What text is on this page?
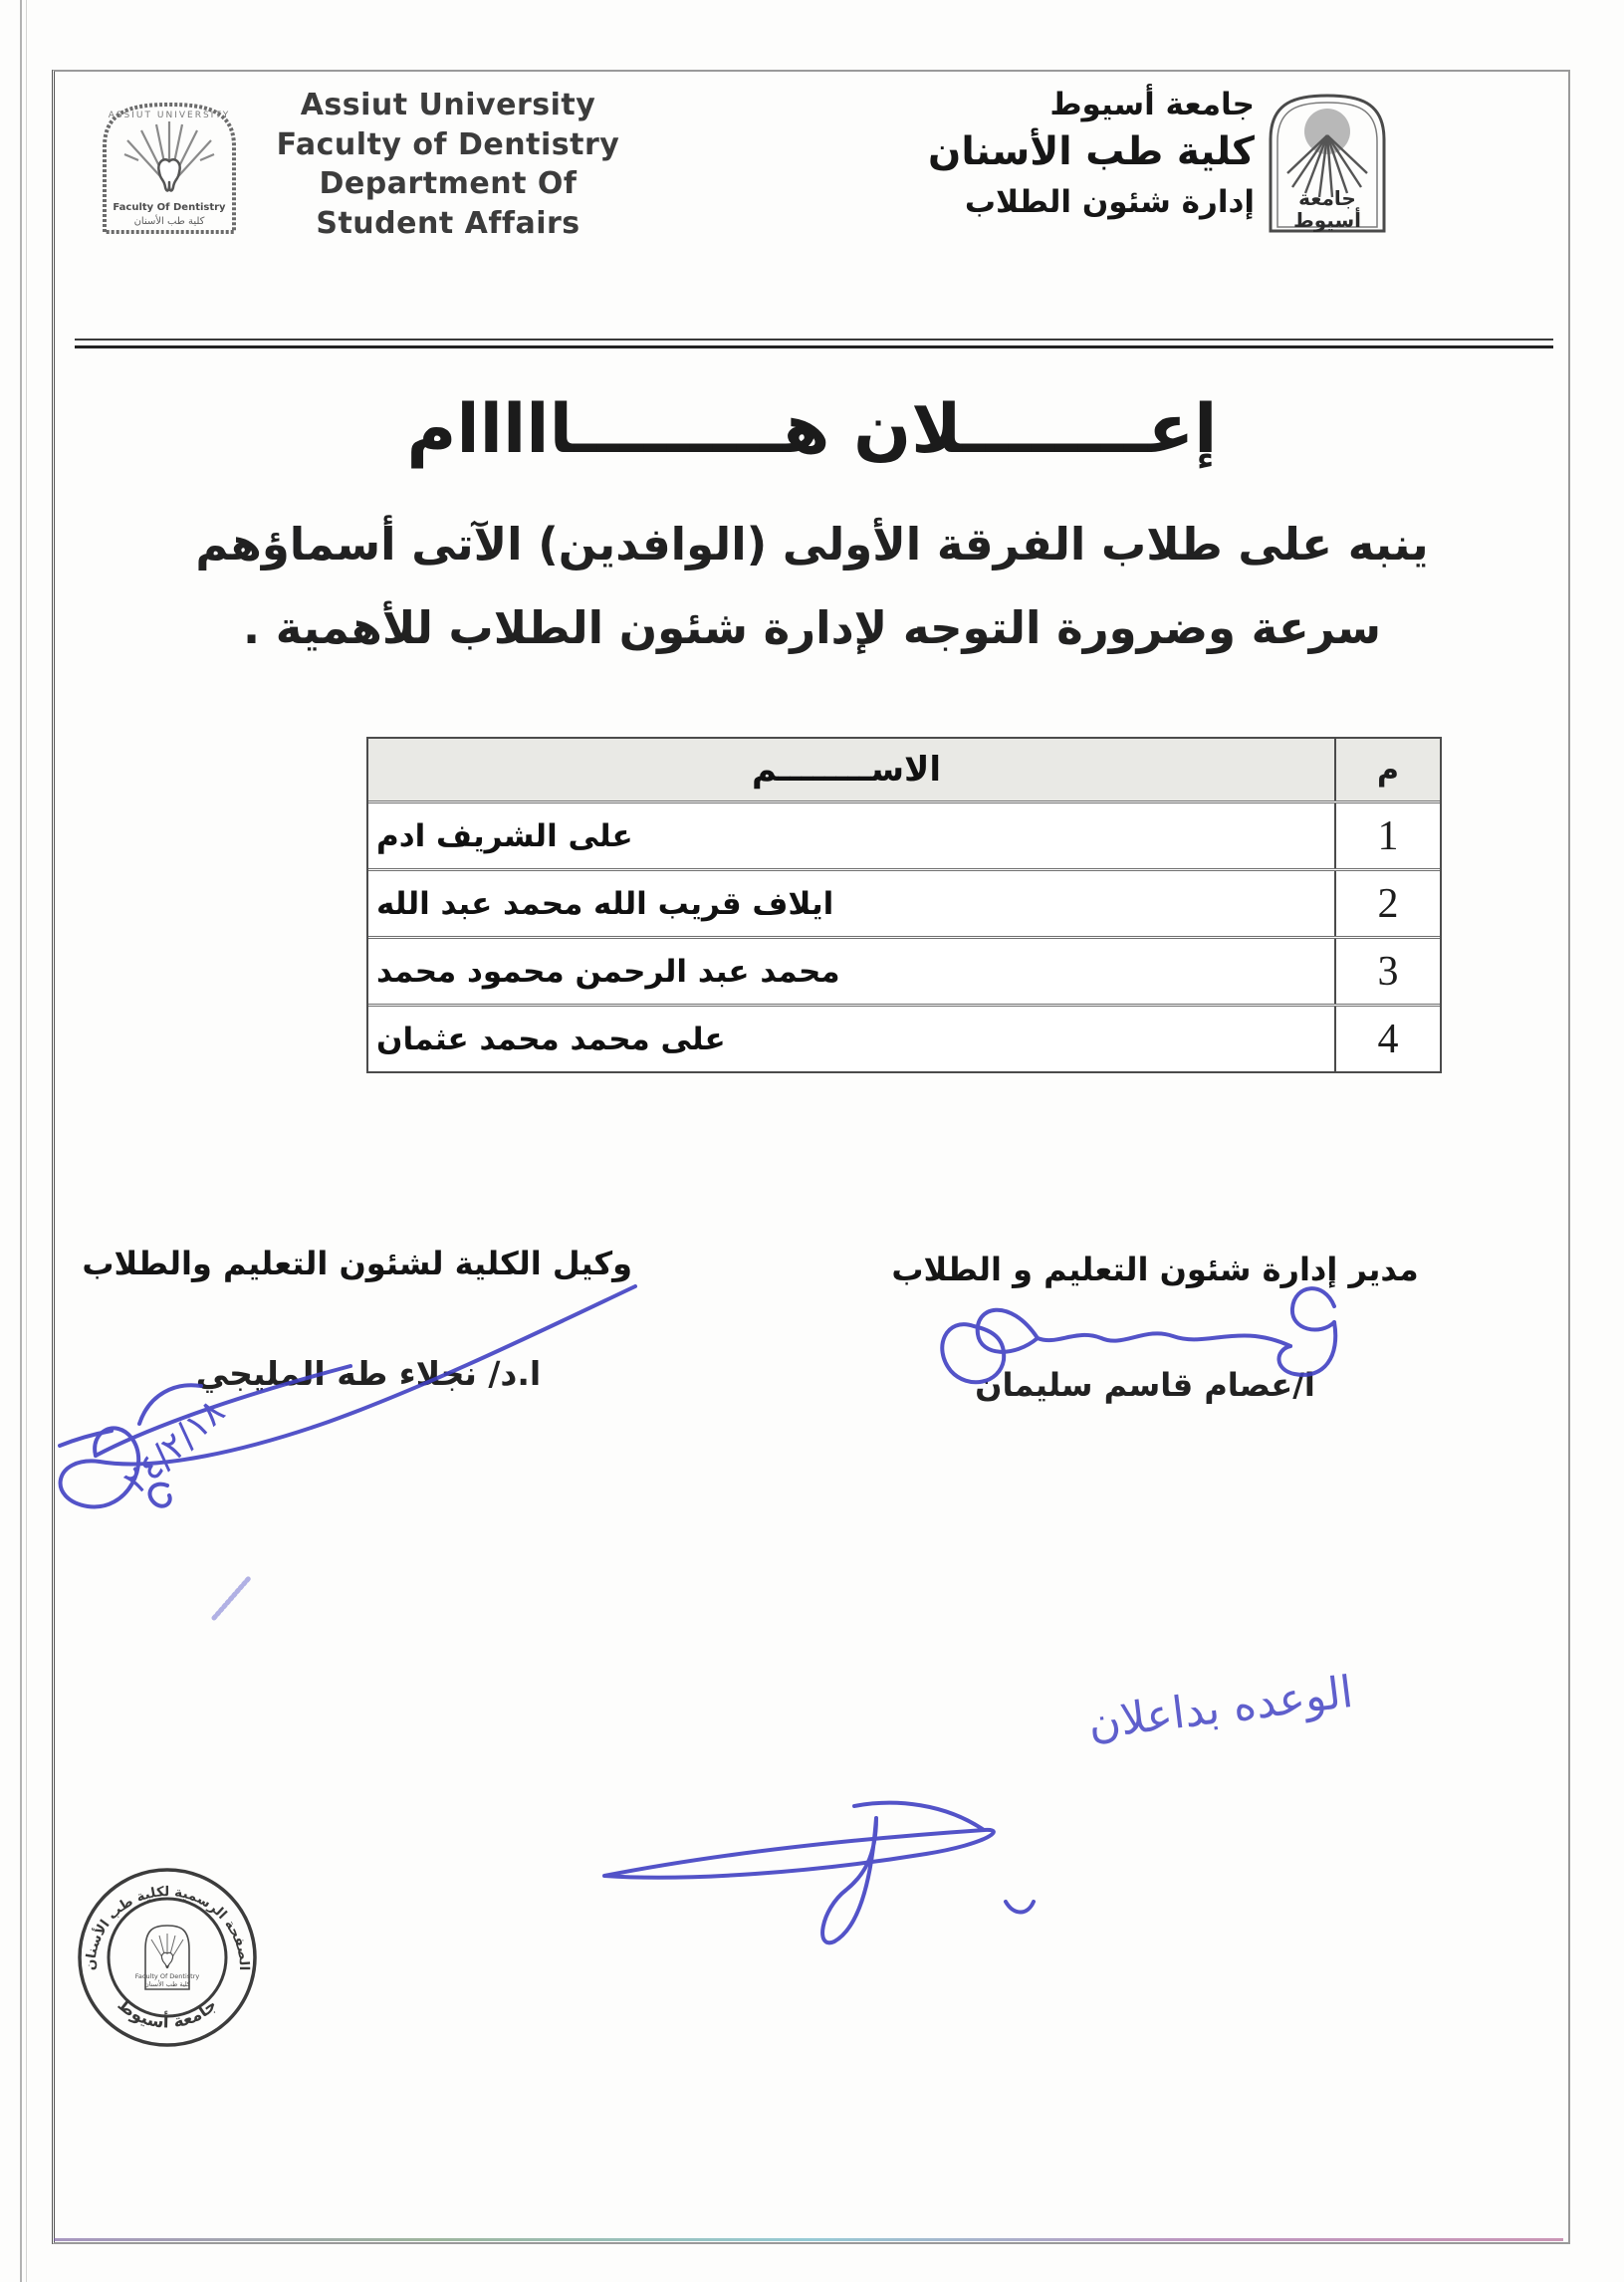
ASSIUT UNIVERSITY
Faculty Of Dentistry
كلية طب الأسنان
Assiut University
Faculty of Dentistry
Department Of Student Affairs
جامعة أسيوط
كلية طب الأسنان
إدارة شئون الطلاب جامعة
أسيوط
إعــــــــلان هـــــــــااااام
ينبه على طلاب الفرقة الأولى (الوافدين) الآتى أسماؤهم
سرعة وضرورة التوجه لإدارة شئون الطلاب للأهمية .
الاســــــــم	م
على الشريف ادم	1
ايلاف قريب الله محمد عبد الله	2
محمد عبد الرحمن محمود محمد	3
على محمد محمد عثمان	4
مدير إدارة شئون التعليم و الطلاب
ا/عصام قاسم سليمان
وكيل الكلية لشئون التعليم والطلاب
ا.د/ نجلاء طه المليجي
الوعده بداعلان
٢٤/٢/١٨
الصفحة الرسمية لكلية طب الأسنان
جامعة أسيوط
Faculty Of Dentistry
كلية طب الأسنان
